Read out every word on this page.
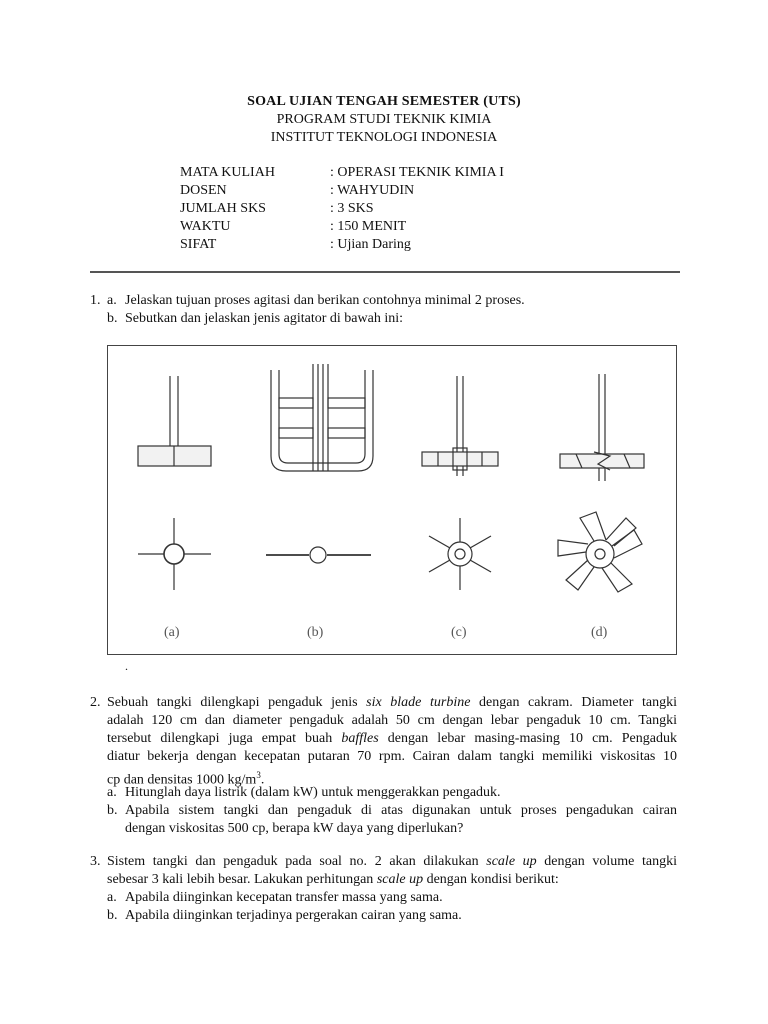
SOAL UJIAN TENGAH SEMESTER (UTS)
PROGRAM STUDI TEKNIK KIMIA
INSTITUT TEKNOLOGI INDONESIA
MATA KULIAH	: OPERASI TEKNIK KIMIA I
DOSEN	: WAHYUDIN
JUMLAH SKS	: 3 SKS
WAKTU	: 150 MENIT
SIFAT	: Ujian Daring
1. a. Jelaskan tujuan proses agitasi dan berikan contohnya minimal 2 proses.
b. Sebutkan dan jelaskan jenis agitator di bawah ini:
(a)	(b)	(c)	(d)
.
2. Sebuah tangki dilengkapi pengaduk jenis six blade turbine dengan cakram. Diameter tangki
adalah 120 cm dan diameter pengaduk adalah 50 cm dengan lebar pengaduk 10 cm. Tangki
tersebut dilengkapi juga empat buah baffles dengan lebar masing-masing 10 cm. Pengaduk
diatur bekerja dengan kecepatan putaran 70 rpm. Cairan dalam tangki memiliki viskositas 10
cp dan densitas 1000 $kg/m^3$.
a. Hitunglah daya listrik (dalam kW) untuk menggerakkan pengaduk.
b. Apabila sistem tangki dan pengaduk di atas digunakan untuk proses pengadukan cairan
dengan viskositas 500 cp, berapa kW daya yang diperlukan?
3. Sistem tangki dan pengaduk pada soal no. 2 akan dilakukan scale up dengan volume tangki
sebesar 3 kali lebih besar. Lakukan perhitungan scale up dengan kondisi berikut:
a. Apabila diinginkan kecepatan transfer massa yang sama.
b. Apabila diinginkan terjadinya pergerakan cairan yang sama.
